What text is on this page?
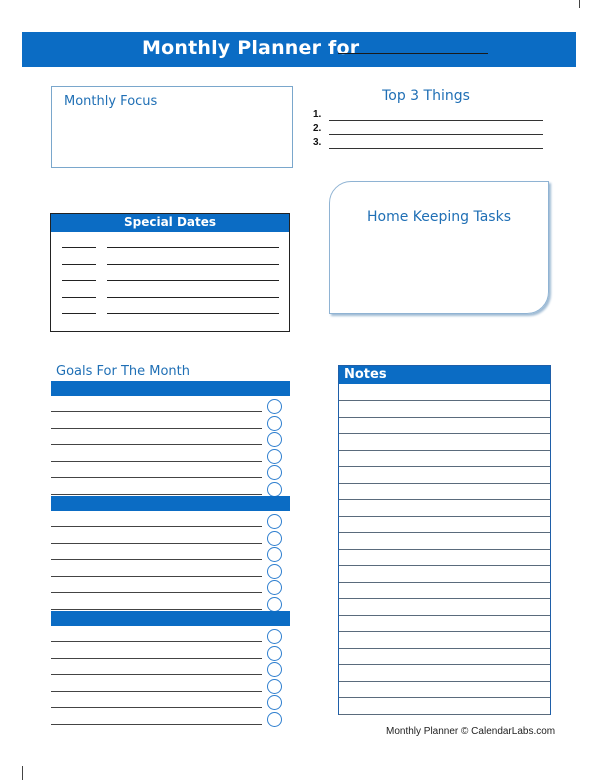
Monthly Planner for
Monthly Focus	Top 3 Things
1.
2.
3.
Special Dates	Home Keeping Tasks
Goals For The Month	Notes
Monthly Planner © CalendarLabs.com
